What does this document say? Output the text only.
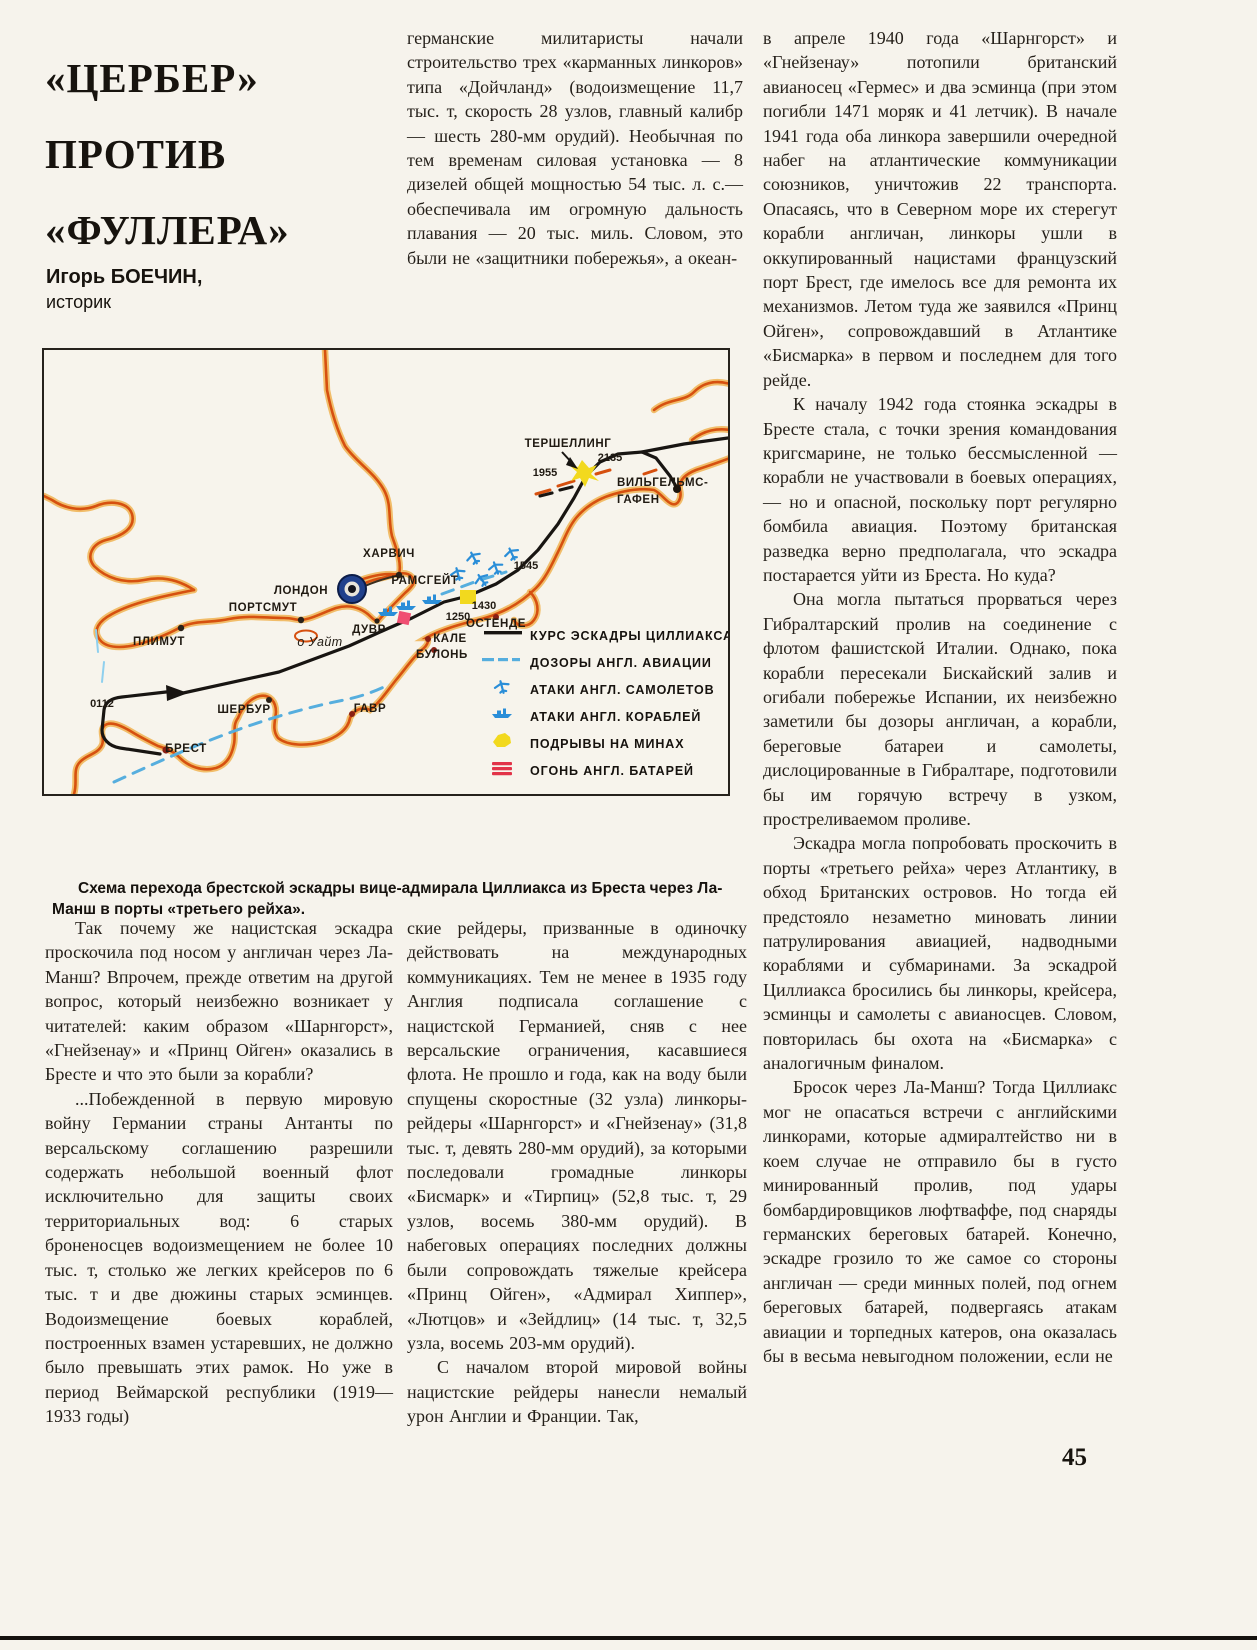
«ЦЕРБЕР»
ПРОТИВ
«ФУЛЛЕРА»
Игорь БОЕЧИН,
историк

германские милитаристы начали строительство трех «карманных линкоров» типа «Дойчланд» (водоизмещение 11,7 тыс. т, скорость 28 узлов, главный калибр — шесть 280-мм орудий). Необычная по тем временам силовая установка — 8 дизелей общей мощностью 54 тыс. л. с.— обеспечивала им огромную дальность плавания — 20 тыс. миль. Словом, это были не «защитники побережья», а океан-

в апреле 1940 года «Шарнгорст» и «Гнейзенау» потопили британский авианосец «Гермес» и два эсминца (при этом погибли 1471 моряк и 41 летчик). В начале 1941 года оба линкора завершили очередной набег на атлантические коммуникации союзников, уничтожив 22 транспорта. Опасаясь, что в Северном море их стерегут корабли англичан, линкоры ушли в оккупированный нацистами французский порт Брест, где имелось все для ремонта их механизмов. Летом туда же заявился «Принц Ойген», сопровождавший в Атлантике «Бисмарка» в первом и последнем для того рейде.

К началу 1942 года стоянка эскадры в Бресте стала, с точки зрения командования кригсмарине, не только бессмысленной — корабли не участвовали в боевых операциях,— но и опасной, поскольку порт регулярно бомбила авиация. Поэтому британская разведка верно предполагала, что эскадра постарается уйти из Бреста. Но куда?

Она могла пытаться прорваться через Гибралтарский пролив на соединение с флотом фашистской Италии. Однако, пока корабли пересекали Бискайский залив и огибали побережье Испании, их неизбежно заметили бы дозоры англичан, а корабли, береговые батареи и самолеты, дислоцированные в Гибралтаре, подготовили бы им горячую встречу в узком, простреливаемом проливе.

Эскадра могла попробовать проскочить в порты «третьего рейха» через Атлантику, в обход Британских островов. Но тогда ей предстояло незаметно миновать линии патрулирования авиацией, надводными кораблями и субмаринами. За эскадрой Циллиакса бросились бы линкоры, крейсера, эсминцы и самолеты с авианосцев. Словом, повторилась бы охота на «Бисмарка» с аналогичным финалом.

Бросок через Ла-Манш? Тогда Циллиакс мог не опасаться встречи с английскими линкорами, которые адмиралтейство ни в коем случае не отправило бы в густо минированный пролив, под удары бомбардировщиков люфтваффе, под снаряды германских береговых батарей. Конечно, эскадре грозило то же самое со стороны англичан — среди минных полей, под огнем береговых батарей, подвергаясь атакам авиации и торпедных катеров, она оказалась бы в весьма невыгодном положении, если не

КУРС ЭСКАДРЫ ЦИЛЛИАКСА
ДОЗОРЫ АНГЛ. АВИАЦИИ
АТАКИ АНГЛ. САМОЛЕТОВ
АТАКИ АНГЛ. КОРАБЛЕЙ
ПОДРЫВЫ НА МИНАХ
ОГОНЬ АНГЛ. БАТАРЕЙ
ТЕРШЕЛЛИНГ
1955
2135
ВИЛЬГЕЛЬМС-
ГАФЕН
ХАРВИЧ
ЛОНДОН
РАМСГЕЙТ
ДУВР
ПОРТСМУТ
о Уайт
ПЛИМУТ
ШЕРБУР	ГАВР
БРЕСТ
КАЛЕ
БУЛОНЬ
ОСТЕНДЕ
0112
1250
1430
1545
Схема перехода брестской эскадры вице-адмирала Циллиакса из Бреста через Ла-Манш в порты «третьего рейха».

Так почему же нацистская эскадра проскочила под носом у англичан через Ла-Манш? Впрочем, прежде ответим на другой вопрос, который неизбежно возникает у читателей: каким образом «Шарнгорст», «Гнейзенау» и «Принц Ойген» оказались в Бресте и что это были за корабли?

...Побежденной в первую мировую войну Германии страны Антанты по версальскому соглашению разрешили содержать небольшой военный флот исключительно для защиты своих территориальных вод: 6 старых броненосцев водоизмещением не более 10 тыс. т, столько же легких крейсеров по 6 тыс. т и две дюжины старых эсминцев. Водоизмещение боевых кораблей, построенных взамен устаревших, не должно было превышать этих рамок. Но уже в период Веймарской республики (1919—1933 годы)

ские рейдеры, призванные в одиночку действовать на международных коммуникациях. Тем не менее в 1935 году Англия подписала соглашение с нацистской Германией, сняв с нее версальские ограничения, касавшиеся флота. Не прошло и года, как на воду были спущены скоростные (32 узла) линкоры-рейдеры «Шарнгорст» и «Гнейзенау» (31,8 тыс. т, девять 280-мм орудий), за которыми последовали громадные линкоры «Бисмарк» и «Тирпиц» (52,8 тыс. т, 29 узлов, восемь 380-мм орудий). В набеговых операциях последних должны были сопровождать тяжелые крейсера «Принц Ойген», «Адмирал Хиппер», «Лютцов» и «Зейдлиц» (14 тыс. т, 32,5 узла, восемь 203-мм орудий).

С началом второй мировой войны нацистские рейдеры нанесли немалый урон Англии и Франции. Так,

45
